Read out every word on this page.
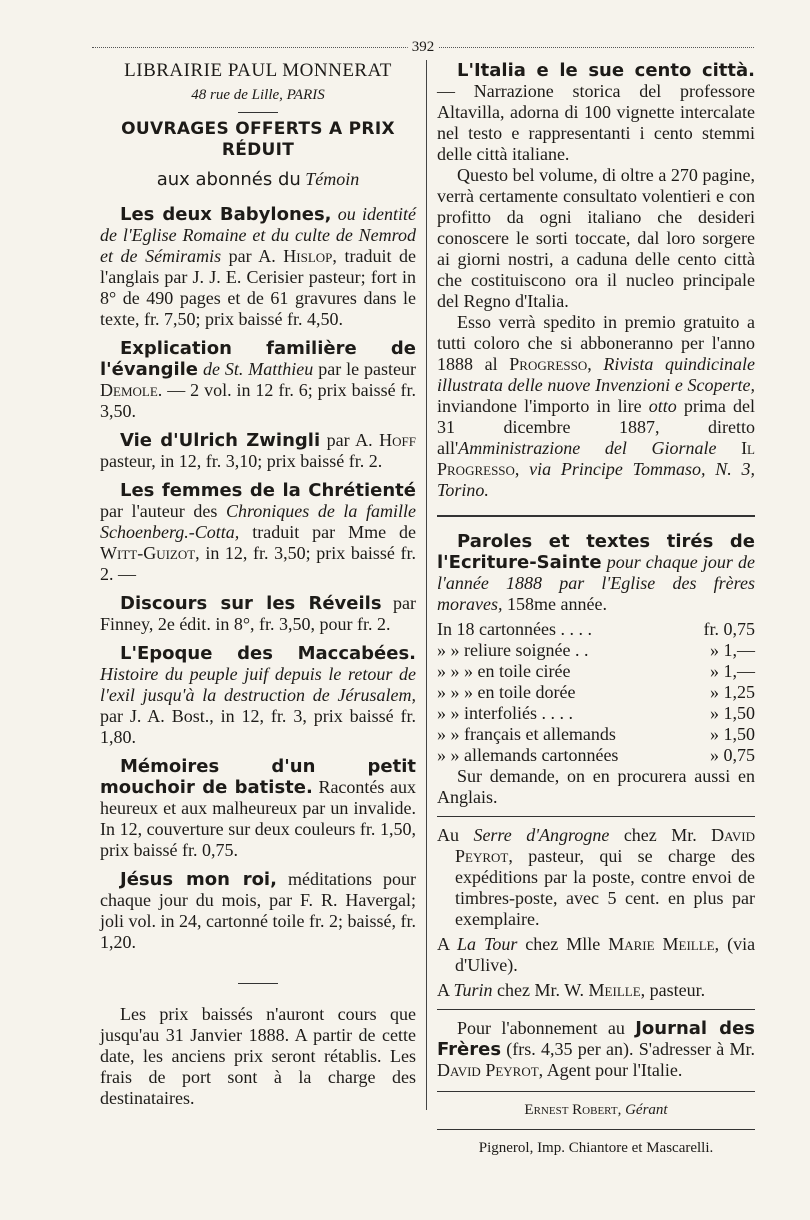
392

LIBRAIRIE PAUL MONNERAT

48 rue de Lille, PARIS

OUVRAGES OFFERTS A PRIX RÉDUIT

aux abonnés du Témoin

Les deux Babylones, ou identité de l'Eglise Romaine et du culte de Nemrod et de Sémiramis par A. Hislop, traduit de l'anglais par J. J. E. Cerisier pasteur; fort in 8° de 490 pages et de 61 gravures dans le texte, fr. 7,50; prix baissé fr. 4,50.

Explication familière de l'évangile de St. Matthieu par le pasteur Demole. — 2 vol. in 12 fr. 6; prix baissé fr. 3,50.

Vie d'Ulrich Zwingli par A. Hoff pasteur, in 12, fr. 3,10; prix baissé fr. 2.

Les femmes de la Chrétienté par l'auteur des Chroniques de la famille Schoenberg.-Cotta, traduit par Mme de Witt-Guizot, in 12, fr. 3,50; prix baissé fr. 2. —

Discours sur les Réveils par Finney, 2e édit. in 8°, fr. 3,50, pour fr. 2.

L'Epoque des Maccabées. Histoire du peuple juif depuis le retour de l'exil jusqu'à la destruction de Jérusalem, par J. A. Bost., in 12, fr. 3, prix baissé fr. 1,80.

Mémoires d'un petit mouchoir de batiste. Racontés aux heureux et aux malheureux par un invalide. In 12, couverture sur deux couleurs fr. 1,50, prix baissé fr. 0,75.

Jésus mon roi, méditations pour chaque jour du mois, par F. R. Havergal; joli vol. in 24, cartonné toile fr. 2; baissé, fr. 1,20.

Les prix baissés n'auront cours que jusqu'au 31 Janvier 1888. A partir de cette date, les anciens prix seront rétablis. Les frais de port sont à la charge des destinataires.

L'Italia e le sue cento città. — Narrazione storica del professore Altavilla, adorna di 100 vignette intercalate nel testo e rappresentanti i cento stemmi delle città italiane.

Questo bel volume, di oltre a 270 pagine, verrà certamente consultato volentieri e con profitto da ogni italiano che desideri conoscere le sorti toccate, dal loro sorgere ai giorni nostri, a caduna delle cento città che costituiscono ora il nucleo principale del Regno d'Italia.

Esso verrà spedito in premio gratuito a tutti coloro che si abboneranno per l'anno 1888 al Progresso, Rivista quindicinale illustrata delle nuove Invenzioni e Scoperte, inviandone l'importo in lire otto prima del 31 dicembre 1887, diretto all'Amministrazione del Giornale Il Progresso, via Principe Tommaso, N. 3, Torino.

Paroles et textes tirés de l'Ecriture-Sainte pour chaque jour de l'année 1888 par l'Eglise des frères moraves, 158me année.

In 18 cartonnées . . . .	fr. 0,75
» » reliure soignée . .	» 1,—
» » » en toile cirée	» 1,—
» » » en toile dorée	» 1,25
» » interfoliés . . . .	» 1,50
» » français et allemands	» 1,50
» » allemands cartonnées	» 0,75

Sur demande, on en procurera aussi en Anglais.

Au Serre d'Angrogne chez Mr. David Peyrot, pasteur, qui se charge des expéditions par la poste, contre envoi de timbres-poste, avec 5 cent. en plus par exemplaire.

A La Tour chez Mlle Marie Meille, (via d'Ulive).

A Turin chez Mr. W. Meille, pasteur.

Pour l'abonnement au Journal des Frères (frs. 4,35 per an). S'adresser à Mr. David Peyrot, Agent pour l'Italie.

Ernest Robert, Gérant

Pignerol, Imp. Chiantore et Mascarelli.
